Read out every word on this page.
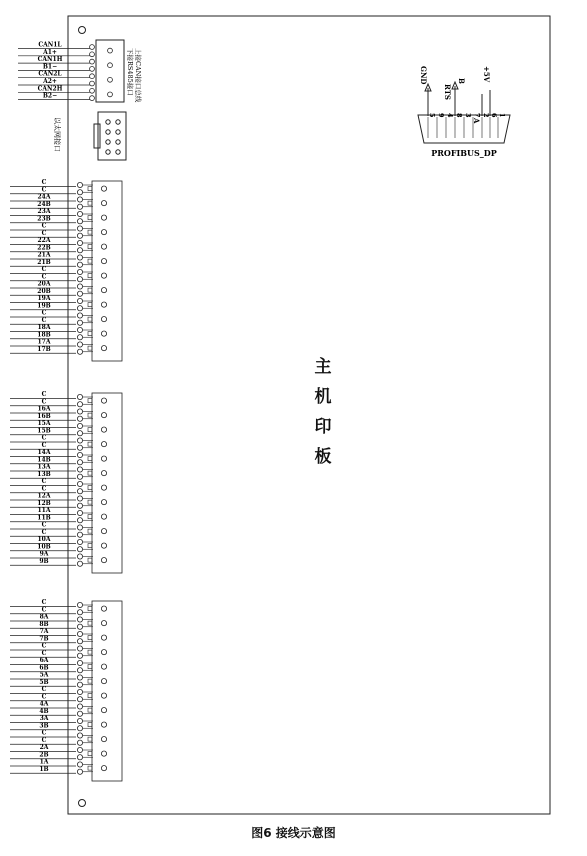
CAN1L
A1+
CAN1H
B1−
CAN2L
A2+
CAN2H
B2−	上接CAN接口总线
下接RS485接口
以太网接口
5 9 4 8 3 7 2 6 1
GND	B
RTS
A
+5V
PROFIBUS_DP
C
C
24A
24B
23A
23B
C
C
22A
22B
21A
21B
C
C
20A
20B
19A
19B
C
C
18A
18B
17A
17B
C
C
16A
16B
15A
15B
C
C
14A
14B
13A
13B
C
C
12A
12B
11A
11B
C
C
10A
10B
9A
9B
C
C
8A
8B
7A
7B
C
C
6A
6B
5A
5B
C
C
4A
4B
3A
3B
C
C
2A
2B
1A
1B
主
机
印
板
图6 接线示意图
